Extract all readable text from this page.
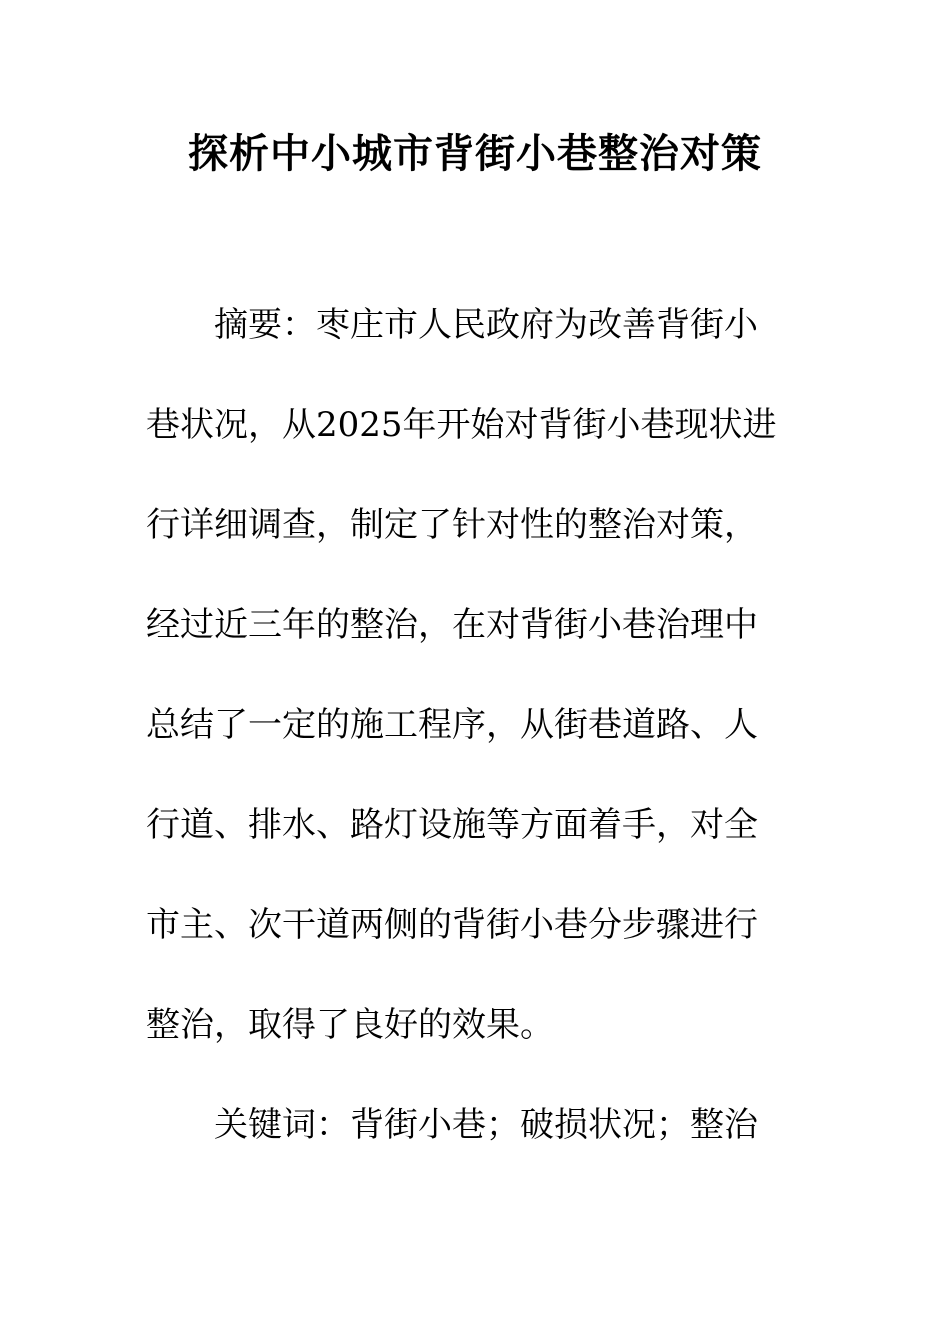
探析中小城市背街小巷整治对策
摘要：枣庄市人民政府为改善背街小
巷状况，从2025年开始对背街小巷现状进
行详细调查，制定了针对性的整治对策，
经过近三年的整治，在对背街小巷治理中
总结了一定的施工程序，从街巷道路、人
行道、排水、路灯设施等方面着手，对全
市主、次干道两侧的背街小巷分步骤进行
整治，取得了良好的效果。
关键词：背街小巷；破损状况；整治
